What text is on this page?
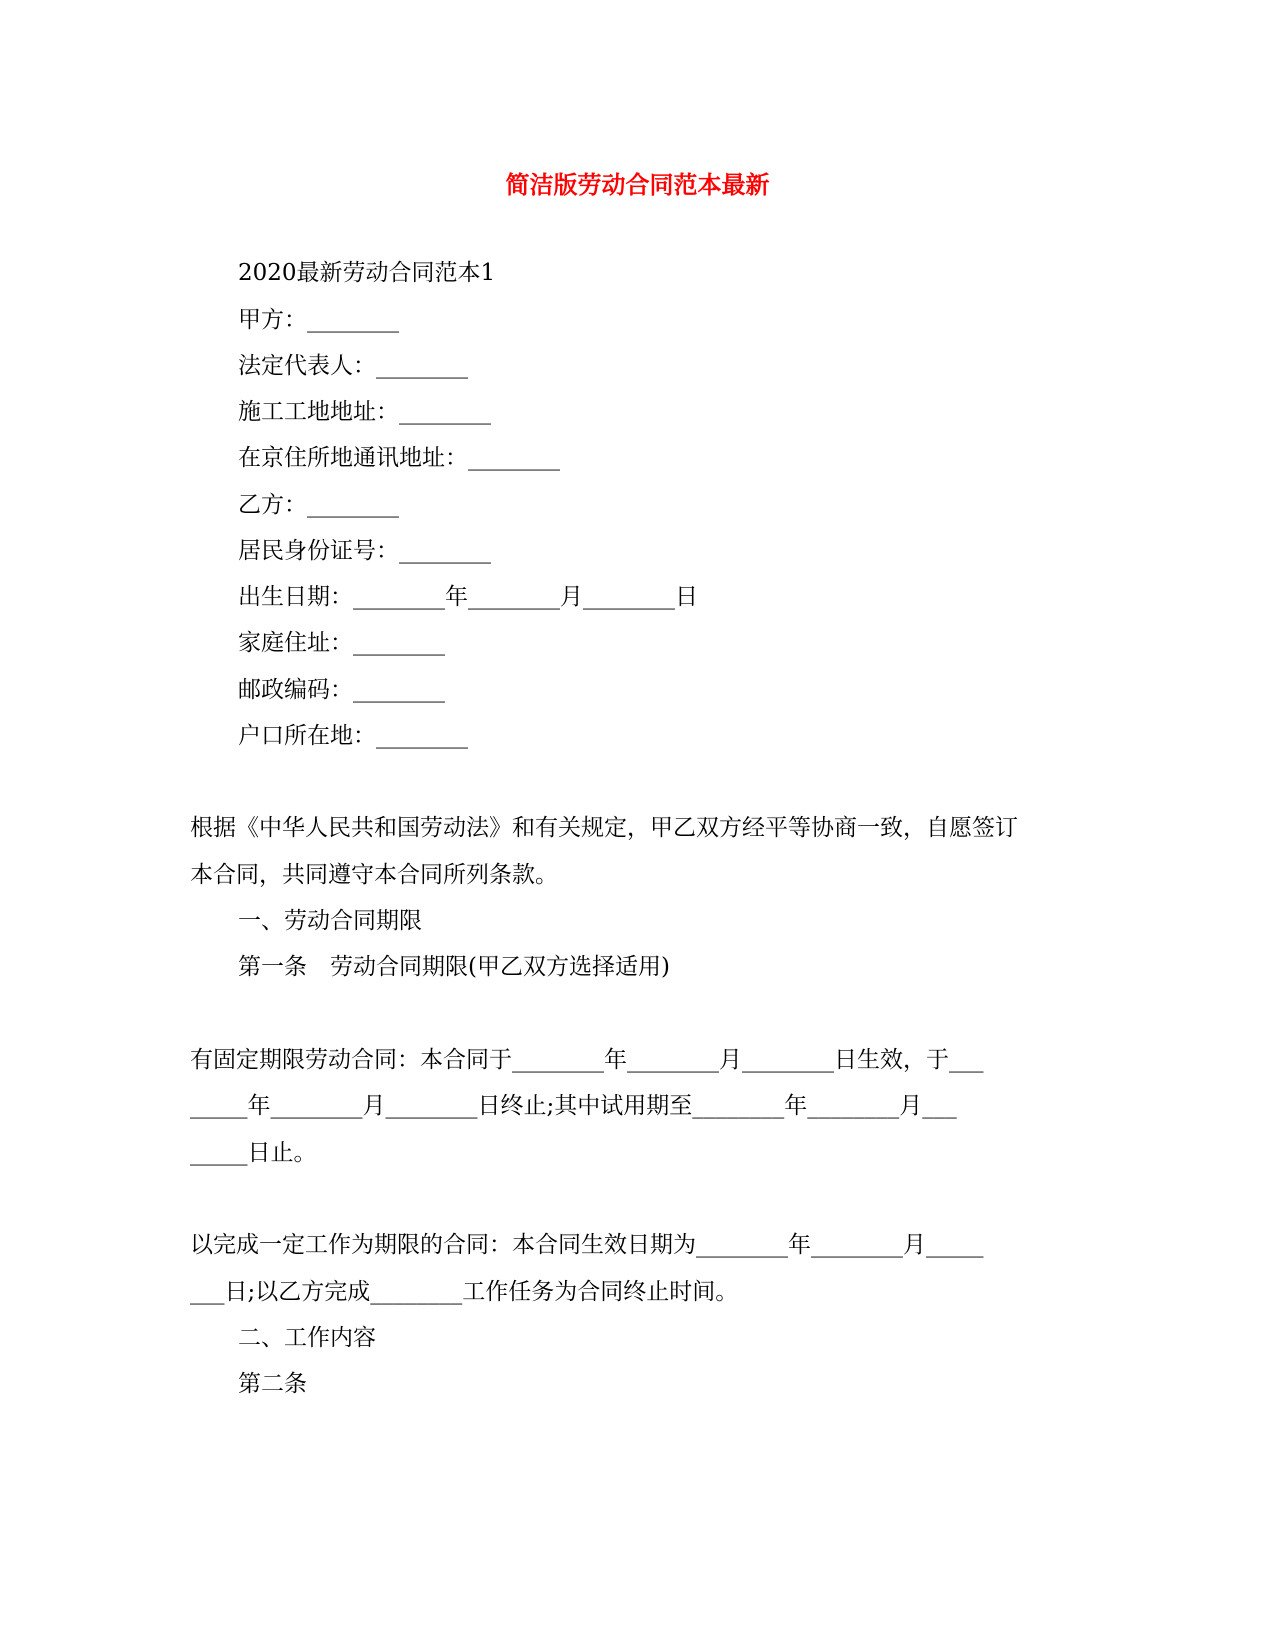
简洁版劳动合同范本最新
2020最新劳动合同范本1
甲方：________
法定代表人：________
施工工地地址：________
在京住所地通讯地址：________
乙方：________
居民身份证号：________
出生日期：________年________月________日
家庭住址：________
邮政编码：________
户口所在地：________
根据《中华人民共和国劳动法》和有关规定，甲乙双方经平等协商一致，自愿签订
本合同，共同遵守本合同所列条款。
一、劳动合同期限
第一条　劳动合同期限(甲乙双方选择适用)
有固定期限劳动合同：本合同于________年________月________日生效，于___
_____年________月________日终止;其中试用期至________年________月___
_____日止。
以完成一定工作为期限的合同：本合同生效日期为________年________月_____
___日;以乙方完成________工作任务为合同终止时间。
二、工作内容
第二条
